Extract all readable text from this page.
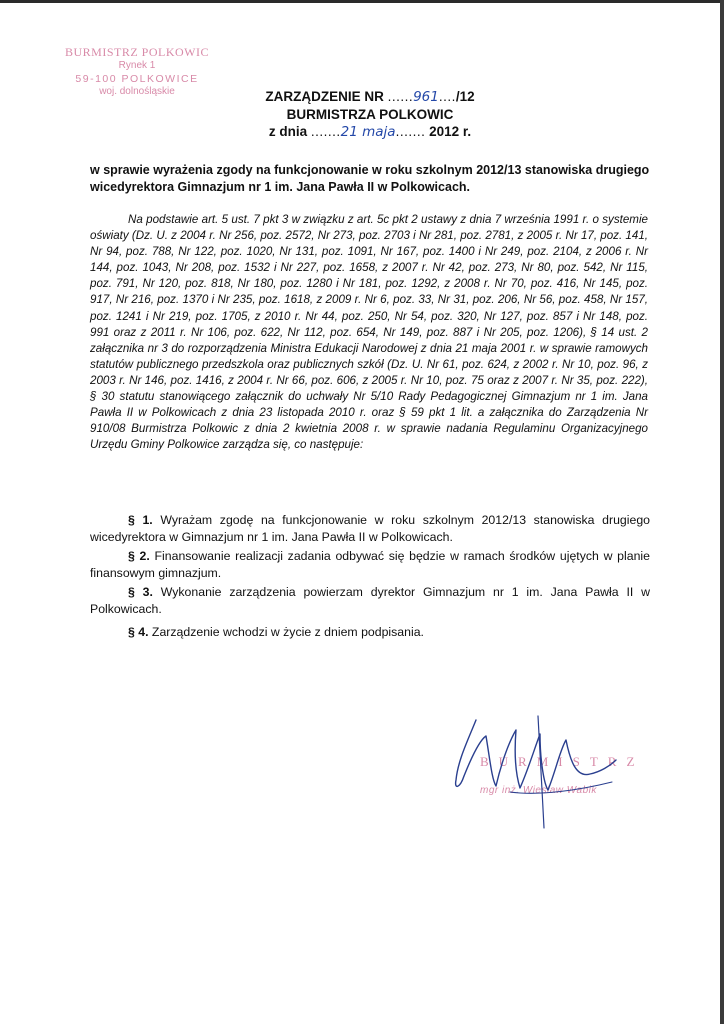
BURMISTRZ POLKOWIC
Rynek 1
59-100 POLKOWICE
woj. dolnośląskie	ZARZĄDZENIE NR ......961..../12
BURMISTRZA POLKOWIC
z dnia .......21 maja....... 2012 r.
w sprawie wyrażenia zgody na funkcjonowanie w roku szkolnym 2012/13 stanowiska drugiego wicedyrektora Gimnazjum nr 1 im. Jana Pawła II w Polkowicach.
Na podstawie art. 5 ust. 7 pkt 3 w związku z art. 5c pkt 2 ustawy z dnia 7 września 1991 r. o systemie oświaty (Dz. U. z 2004 r. Nr 256, poz. 2572, Nr 273, poz. 2703 i Nr 281, poz. 2781, z 2005 r. Nr 17, poz. 141, Nr 94, poz. 788, Nr 122, poz. 1020, Nr 131, poz. 1091, Nr 167, poz. 1400 i Nr 249, poz. 2104, z 2006 r. Nr 144, poz. 1043, Nr 208, poz. 1532 i Nr 227, poz. 1658, z 2007 r. Nr 42, poz. 273, Nr 80, poz. 542, Nr 115, poz. 791, Nr 120, poz. 818, Nr 180, poz. 1280 i Nr 181, poz. 1292, z 2008 r. Nr 70, poz. 416, Nr 145, poz. 917, Nr 216, poz. 1370 i Nr 235, poz. 1618, z 2009 r. Nr 6, poz. 33, Nr 31, poz. 206, Nr 56, poz. 458, Nr 157, poz. 1241 i Nr 219, poz. 1705, z 2010 r. Nr 44, poz. 250, Nr 54, poz. 320, Nr 127, poz. 857 i Nr 148, poz. 991 oraz z 2011 r. Nr 106, poz. 622, Nr 112, poz. 654, Nr 149, poz. 887 i Nr 205, poz. 1206), § 14 ust. 2 załącznika nr 3 do rozporządzenia Ministra Edukacji Narodowej z dnia 21 maja 2001 r. w sprawie ramowych statutów publicznego przedszkola oraz publicznych szkół (Dz. U. Nr 61, poz. 624, z 2002 r. Nr 10, poz. 96, z 2003 r. Nr 146, poz. 1416, z 2004 r. Nr 66, poz. 606, z 2005 r. Nr 10, poz. 75 oraz z 2007 r. Nr 35, poz. 222), § 30 statutu stanowiącego załącznik do uchwały Nr 5/10 Rady Pedagogicznej Gimnazjum nr 1 im. Jana Pawła II w Polkowicach z dnia 23 listopada 2010 r. oraz § 59 pkt 1 lit. a załącznika do Zarządzenia Nr 910/08 Burmistrza Polkowic z dnia 2 kwietnia 2008 r. w sprawie nadania Regulaminu Organizacyjnego Urzędu Gminy Polkowice zarządza się, co następuje:
§ 1. Wyrażam zgodę na funkcjonowanie w roku szkolnym 2012/13 stanowiska drugiego wicedyrektora w Gimnazjum nr 1 im. Jana Pawła II w Polkowicach.
§ 2. Finansowanie realizacji zadania odbywać się będzie w ramach środków ujętych w planie finansowym gimnazjum.
§ 3. Wykonanie zarządzenia powierzam dyrektor Gimnazjum nr 1 im. Jana Pawła II w Polkowicach.
§ 4. Zarządzenie wchodzi w życie z dniem podpisania.
BURMISTRZ
mgr inż. Wiesław Wabik
